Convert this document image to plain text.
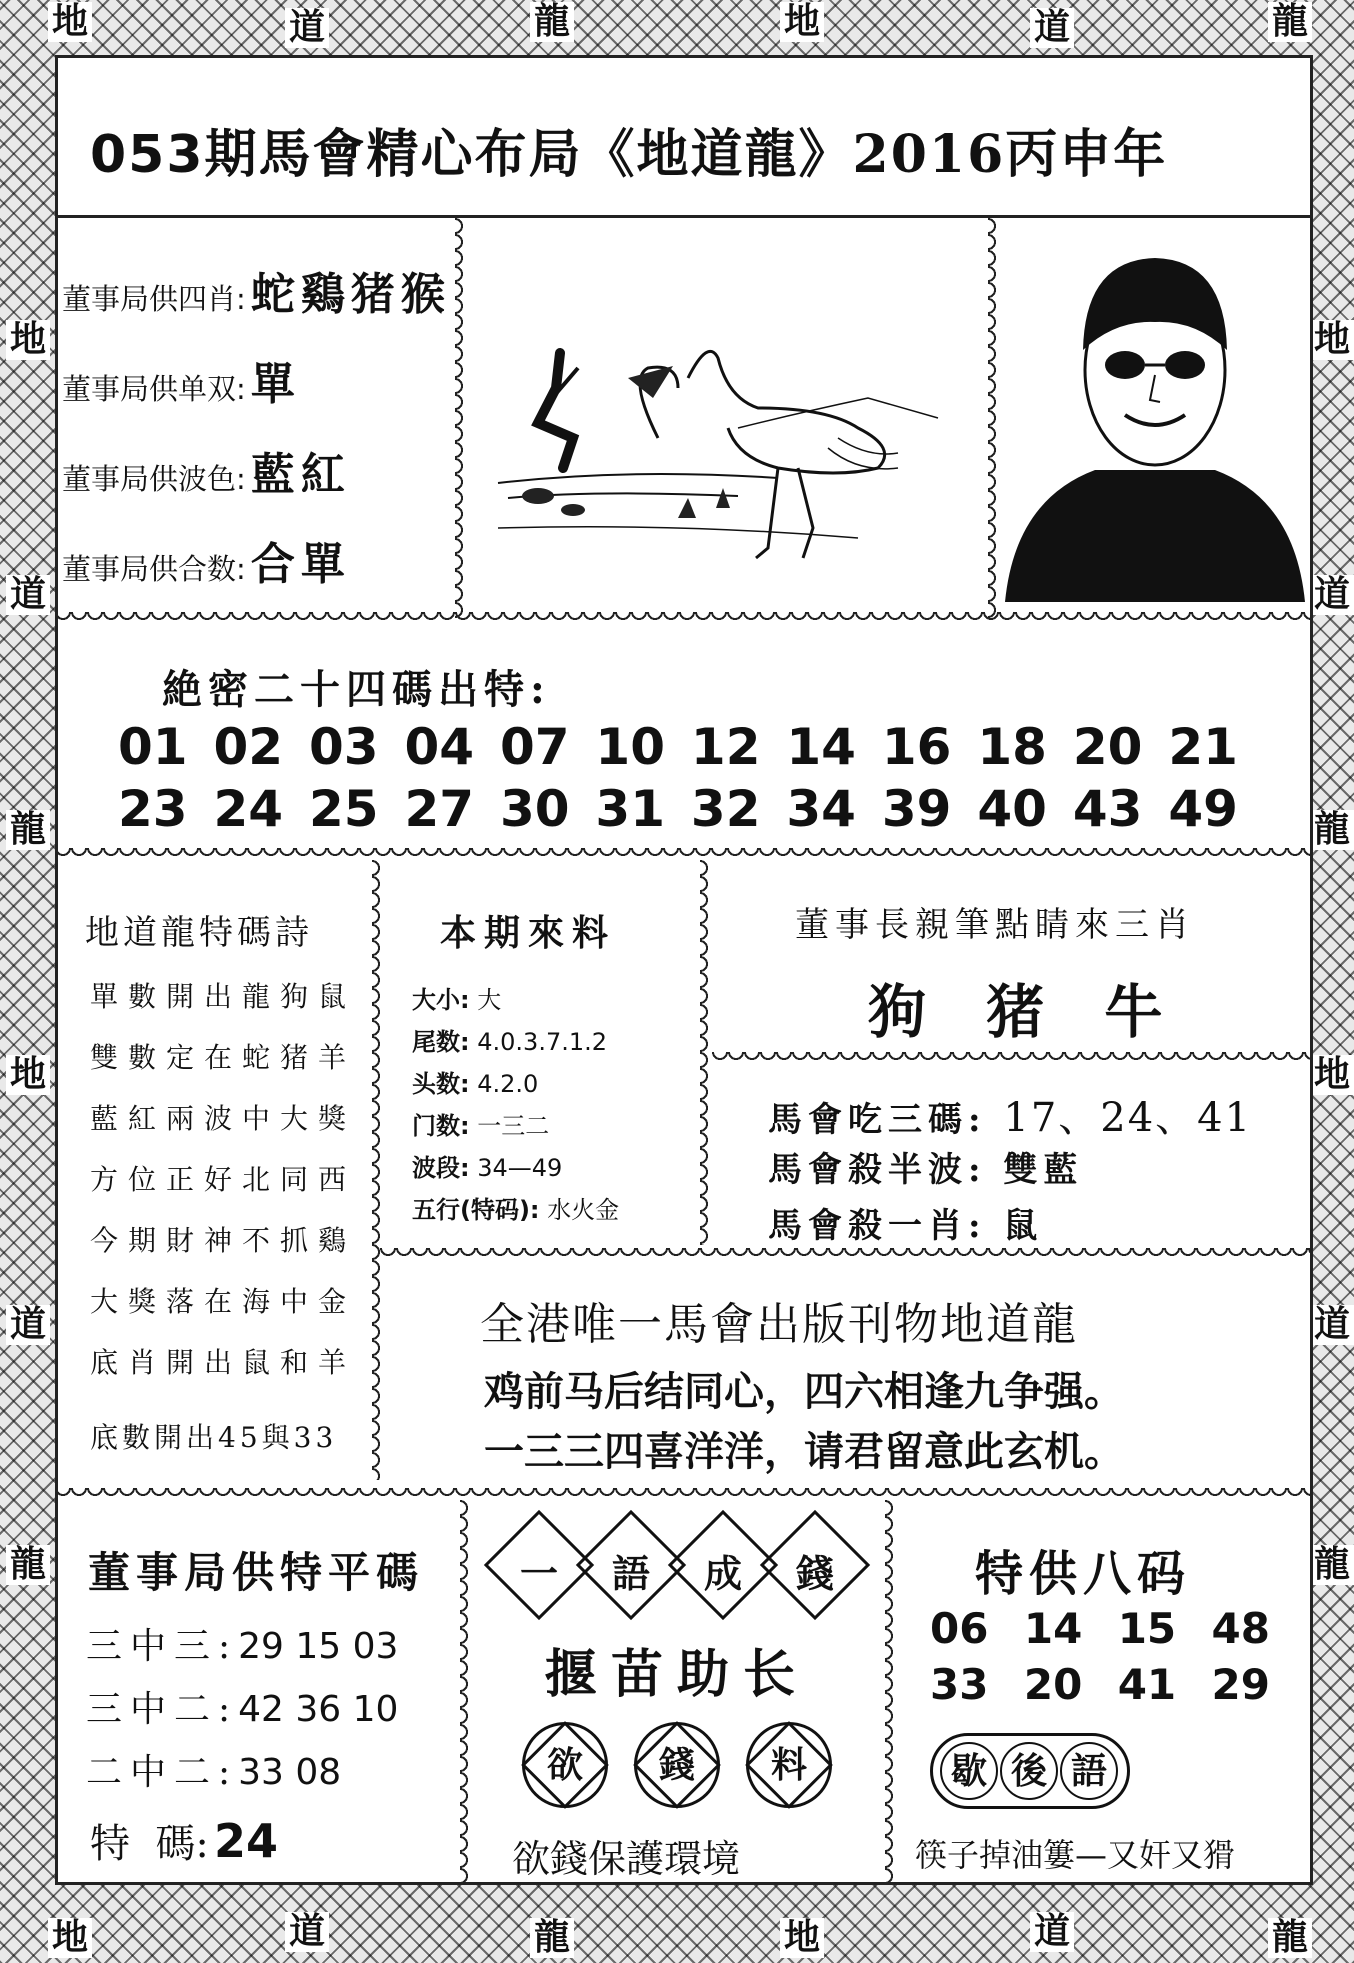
地	道	龍	地	道	龍
地
道
龍
地
道
龍
地
道
龍
地
道
龍
地	道	龍	地	道	龍
053期馬會精心布局《地道龍》2016丙申年
董事局供四肖: 蛇鷄猪猴
董事局供单双: 單
董事局供波色: 藍紅
董事局供合数: 合單
絶密二十四碼出特:
01 02 03 04 07 10 12 14 16 18 20 21
23 24 25 27 30 31 32 34 39 40 43 49
地道龍特碼詩
單數開出龍狗鼠
雙數定在蛇猪羊
藍紅兩波中大獎
方位正好北同西
今期財神不抓鷄
大獎落在海中金
底肖開出鼠和羊
底數開出45與33
本期來料
大小: 大
尾数: 4.0.3.7.1.2
头数: 4.2.0
门数: 一三二
波段: 34—49
五行(特码): 水火金
董事長親筆點睛來三肖
狗 猪 牛
馬會吃三碼: 17、24、41
馬會殺半波: 雙藍
馬會殺一肖: 鼠
全港唯一馬會出版刊物地道龍
鸡前马后结同心，四六相逢九争强。
一三三四喜洋洋，请君留意此玄机。
董事局供特平碼
三中三:29 15 03
三中二:42 36 10
二中二:33 08
特  碼: 24
一	語	成	錢
揠苗助长
欲	錢	料
欲錢保護環境
特供八码
06 14 15 48
33 20 41 29
歇 後 語
筷子掉油簍—又奸又猾
